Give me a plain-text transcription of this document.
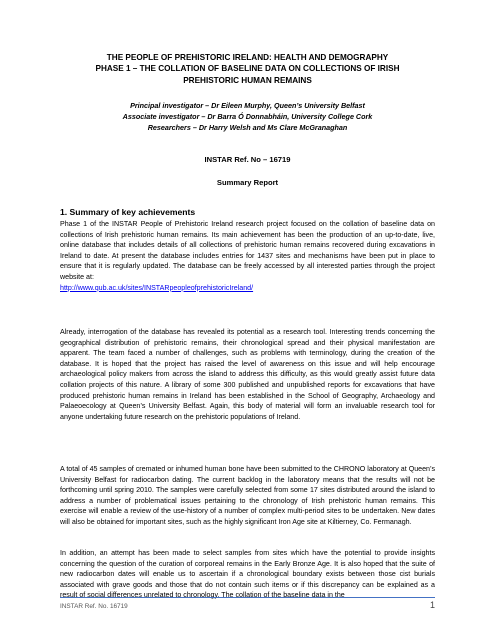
THE PEOPLE OF PREHISTORIC IRELAND: HEALTH AND DEMOGRAPHY
PHASE 1 – THE COLLATION OF BASELINE DATA ON COLLECTIONS OF IRISH
PREHISTORIC HUMAN REMAINS
Principal investigator – Dr Eileen Murphy, Queen’s University Belfast
Associate investigator – Dr Barra Ó Donnabháin, University College Cork
Researchers – Dr Harry Welsh and Ms Clare McGranaghan
INSTAR Ref. No – 16719
Summary Report
1. Summary of key achievements

Phase 1 of the INSTAR People of Prehistoric Ireland research project focused on the collation of baseline data on collections of Irish prehistoric human remains. Its main achievement has been the production of an up-to-date, live, online database that includes details of all collections of prehistoric human remains recovered during excavations in Ireland to date. At present the database includes entries for 1437 sites and mechanisms have been put in place to ensure that it is regularly updated. The database can be freely accessed by all interested parties through the project website at:

http://www.qub.ac.uk/sites/INSTARpeopleofprehistoricIreland/

Already, interrogation of the database has revealed its potential as a research tool. Interesting trends concerning the geographical distribution of prehistoric remains, their chronological spread and their physical manifestation are apparent. The team faced a number of challenges, such as problems with terminology, during the creation of the database. It is hoped that the project has raised the level of awareness on this issue and will help encourage archaeological policy makers from across the island to address this difficulty, as this would greatly assist future data collation projects of this nature. A library of some 300 published and unpublished reports for excavations that have produced prehistoric human remains in Ireland has been established in the School of Geography, Archaeology and Palaeoecology at Queen’s University Belfast. Again, this body of material will form an invaluable research tool for anyone undertaking future research on the prehistoric populations of Ireland.
A total of 45 samples of cremated or inhumed human bone have been submitted to the CHRONO laboratory at Queen’s University Belfast for radiocarbon dating. The current backlog in the laboratory means that the results will not be forthcoming until spring 2010. The samples were carefully selected from some 17 sites distributed around the island to address a number of problematical issues pertaining to the chronology of Irish prehistoric human remains. This exercise will enable a review of the use-history of a number of complex multi-period sites to be undertaken. New dates will also be obtained for important sites, such as the highly significant Iron Age site at Kiltierney, Co. Fermanagh.
In addition, an attempt has been made to select samples from sites which have the potential to provide insights concerning the question of the curation of corporeal remains in the Early Bronze Age. It is also hoped that the suite of new radiocarbon dates will enable us to ascertain if a chronological boundary exists between those cist burials associated with grave goods and those that do not contain such items or if this discrepancy can be explained as a result of social differences unrelated to chronology. The collation of the baseline data in the
INSTAR Ref. No. 16719	1
